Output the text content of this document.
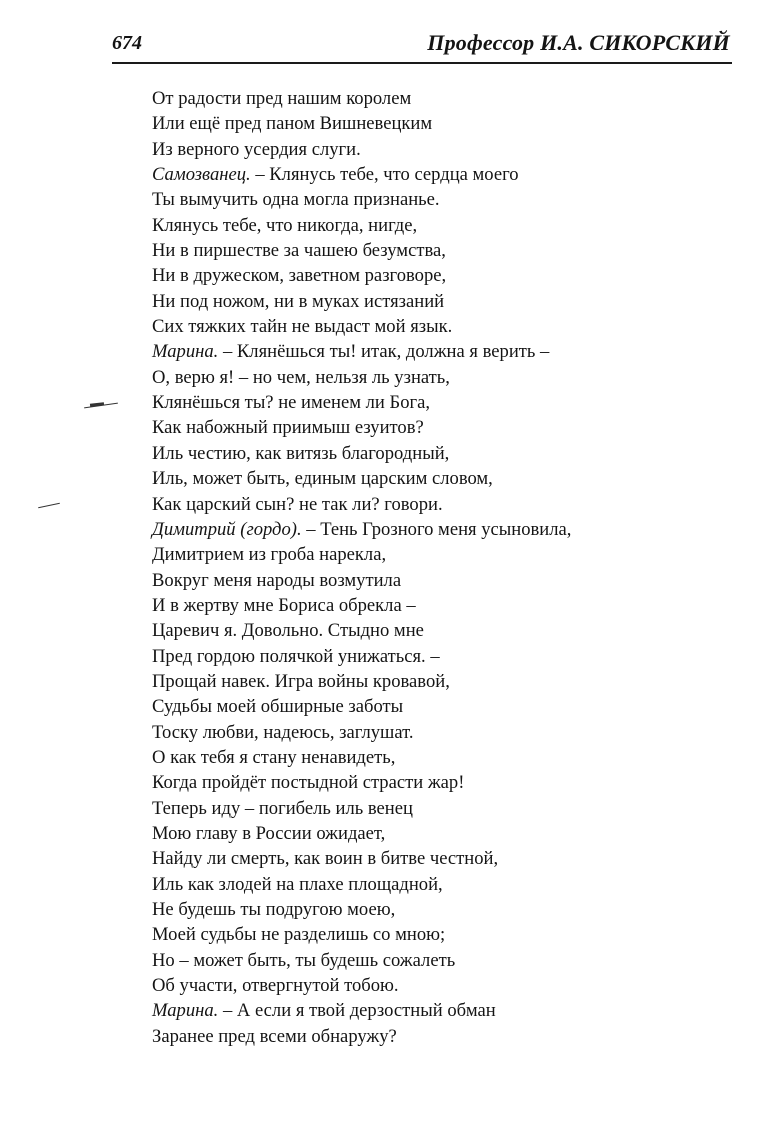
674	Профессор И.А. СИКОРСКИЙ
От радости пред нашим королем
Или ещё пред паном Вишневецким
Из верного усердия слуги.
Самозванец. – Клянусь тебе, что сердца моего
Ты вымучить одна могла признанье.
Клянусь тебе, что никогда, нигде,
Ни в пиршестве за чашею безумства,
Ни в дружеском, заветном разговоре,
Ни под ножом, ни в муках истязаний
Сих тяжких тайн не выдаст мой язык.
Марина. – Клянёшься ты! итак, должна я верить –
О, верю я! – но чем, нельзя ль узнать,
Клянёшься ты? не именем ли Бога,
Как набожный приимыш езуитов?
Иль честию, как витязь благородный,
Иль, может быть, единым царским словом,
Как царский сын? не так ли? говори.
Димитрий (гордо). – Тень Грозного меня усыновила,
Димитрием из гроба нарекла,
Вокруг меня народы возмутила
И в жертву мне Бориса обрекла –
Царевич я. Довольно. Стыдно мне
Пред гордою полячкой унижаться. –
Прощай навек. Игра войны кровавой,
Судьбы моей обширные заботы
Тоску любви, надеюсь, заглушат.
О как тебя я стану ненавидеть,
Когда пройдёт постыдной страсти жар!
Теперь иду – погибель иль венец
Мою главу в России ожидает,
Найду ли смерть, как воин в битве честной,
Иль как злодей на плахе площадной,
Не будешь ты подругою моею,
Моей судьбы не разделишь со мною;
Но – может быть, ты будешь сожалеть
Об участи, отвергнутой тобою.
Марина. – А если я твой дерзостный обман
Заранее пред всеми обнаружу?
